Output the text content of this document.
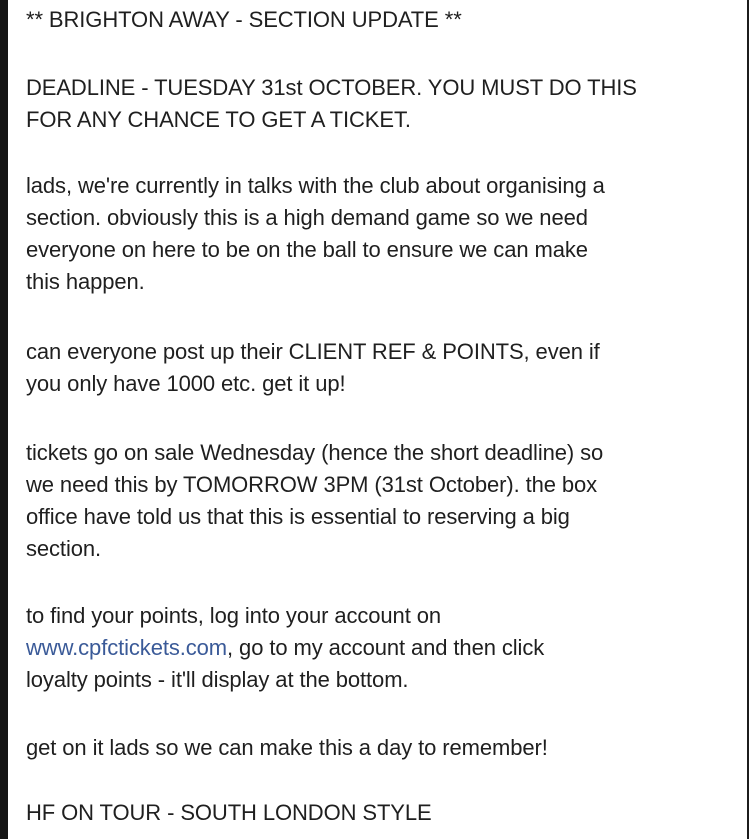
** BRIGHTON AWAY - SECTION UPDATE **

DEADLINE - TUESDAY 31st OCTOBER. YOU MUST DO THIS
FOR ANY CHANCE TO GET A TICKET.

lads, we're currently in talks with the club about organising a
section. obviously this is a high demand game so we need
everyone on here to be on the ball to ensure we can make
this happen.

can everyone post up their CLIENT REF & POINTS, even if
you only have 1000 etc. get it up!

tickets go on sale Wednesday (hence the short deadline) so
we need this by TOMORROW 3PM (31st October). the box
office have told us that this is essential to reserving a big
section.

to find your points, log into your account on
www.cpfctickets.com, go to my account and then click
loyalty points - it'll display at the bottom.

get on it lads so we can make this a day to remember!

HF ON TOUR - SOUTH LONDON STYLE
